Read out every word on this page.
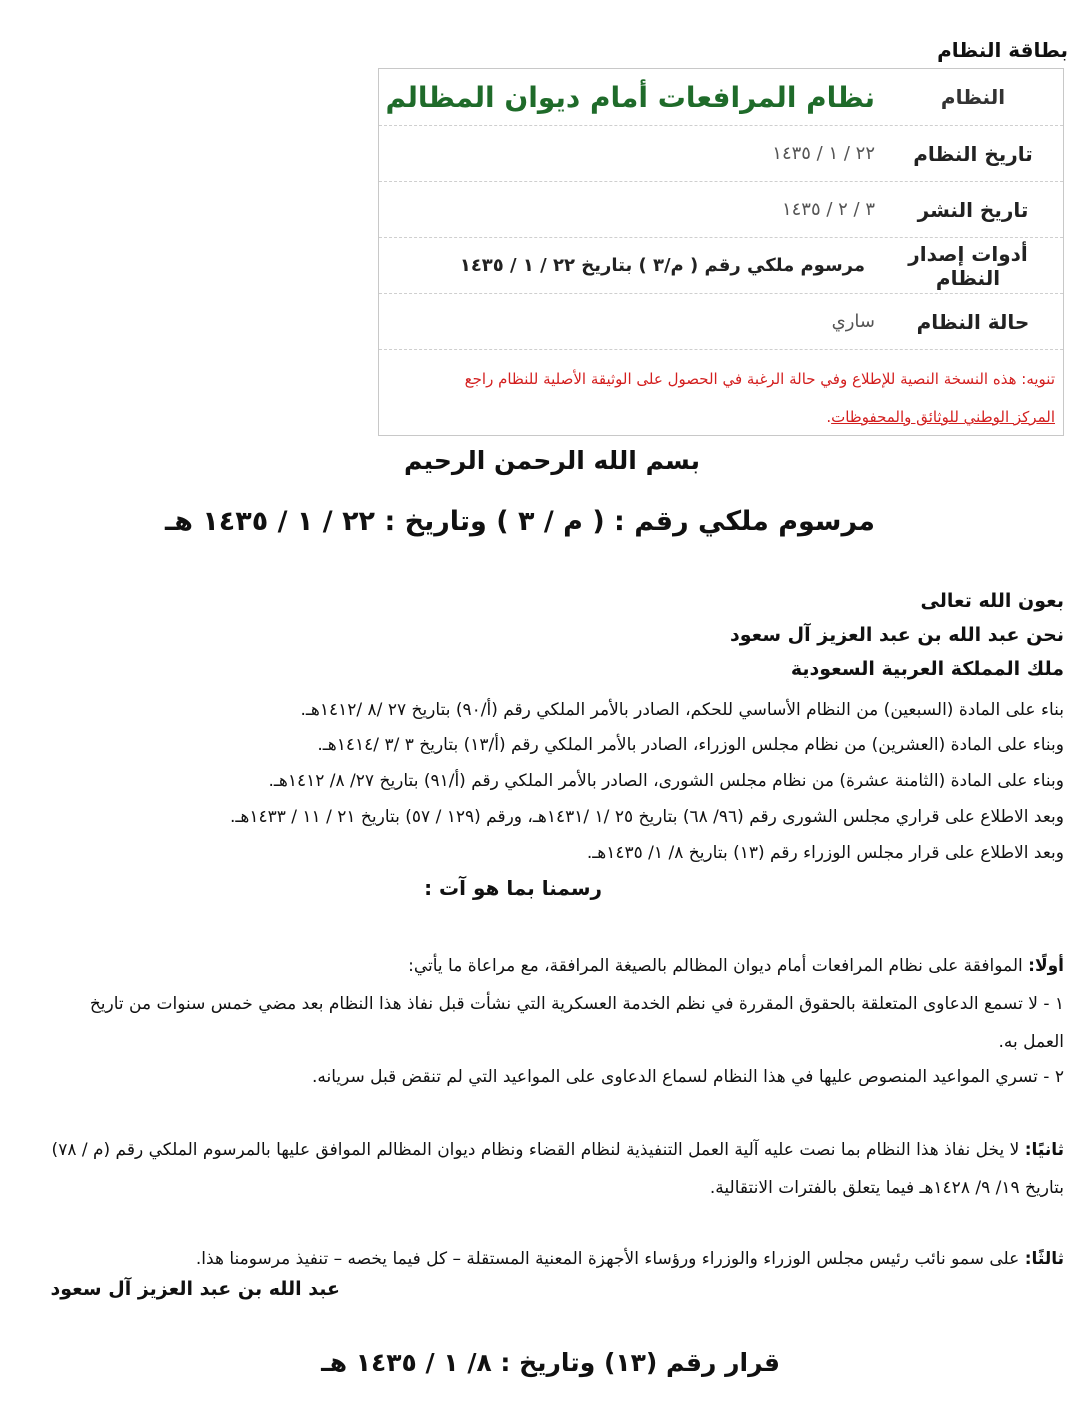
بطاقة النظام
النظام
نظام المرافعات أمام ديوان المظالم
تاريخ النظام
٢٢ / ١ / ١٤٣٥
تاريخ النشر
٣ / ٢ / ١٤٣٥
أدوات إصدار النظام
مرسوم ملكي رقم ( م/٣ ) بتاريخ ٢٢ / ١ / ١٤٣٥
حالة النظام
ساري
تنويه: هذه النسخة النصية للإطلاع وفي حالة الرغبة في الحصول على الوثيقة الأصلية للنظام راجع
المركز الوطني للوثائق والمحفوظات.
بسم الله الرحمن الرحيم
مرسوم ملكي رقم : ( م / ٣ ) وتاريخ : ٢٢ / ١ / ١٤٣٥ هـ
بعون الله تعالى
نحن عبد الله بن عبد العزيز آل سعود
ملك المملكة العربية السعودية
بناء على المادة (السبعين) من النظام الأساسي للحكم، الصادر بالأمر الملكي رقم (أ/٩٠) بتاريخ ٢٧ /٨ /١٤١٢هـ.
وبناء على المادة (العشرين) من نظام مجلس الوزراء، الصادر بالأمر الملكي رقم (أ/١٣) بتاريخ ٣ /٣ /١٤١٤هـ.
وبناء على المادة (الثامنة عشرة) من نظام مجلس الشورى، الصادر بالأمر الملكي رقم (أ/٩١) بتاريخ ٢٧/ ٨/ ١٤١٢هـ.
وبعد الاطلاع على قراري مجلس الشورى رقم (٩٦/ ٦٨) بتاريخ ٢٥ /١ /١٤٣١هـ، ورقم (١٢٩ / ٥٧) بتاريخ ٢١ / ١١ / ١٤٣٣هـ.
وبعد الاطلاع على قرار مجلس الوزراء رقم (١٣) بتاريخ ٨/ ١/ ١٤٣٥هـ.
رسمنا بما هو آت :
أولًا: الموافقة على نظام المرافعات أمام ديوان المظالم بالصيغة المرافقة، مع مراعاة ما يأتي:
١ - لا تسمع الدعاوى المتعلقة بالحقوق المقررة في نظم الخدمة العسكرية التي نشأت قبل نفاذ هذا النظام بعد مضي خمس سنوات من تاريخ العمل به.
٢ - تسري المواعيد المنصوص عليها في هذا النظام لسماع الدعاوى على المواعيد التي لم تنقض قبل سريانه.
ثانيًا: لا يخل نفاذ هذا النظام بما نصت عليه آلية العمل التنفيذية لنظام القضاء ونظام ديوان المظالم الموافق عليها بالمرسوم الملكي رقم (م / ٧٨) بتاريخ ١٩/ ٩/ ١٤٢٨هـ فيما يتعلق بالفترات الانتقالية.
ثالثًا: على سمو نائب رئيس مجلس الوزراء والوزراء ورؤساء الأجهزة المعنية المستقلة – كل فيما يخصه – تنفيذ مرسومنا هذا.
عبد الله بن عبد العزيز آل سعود
قرار رقم (١٣) وتاريخ : ٨/ ١ / ١٤٣٥ هـ
